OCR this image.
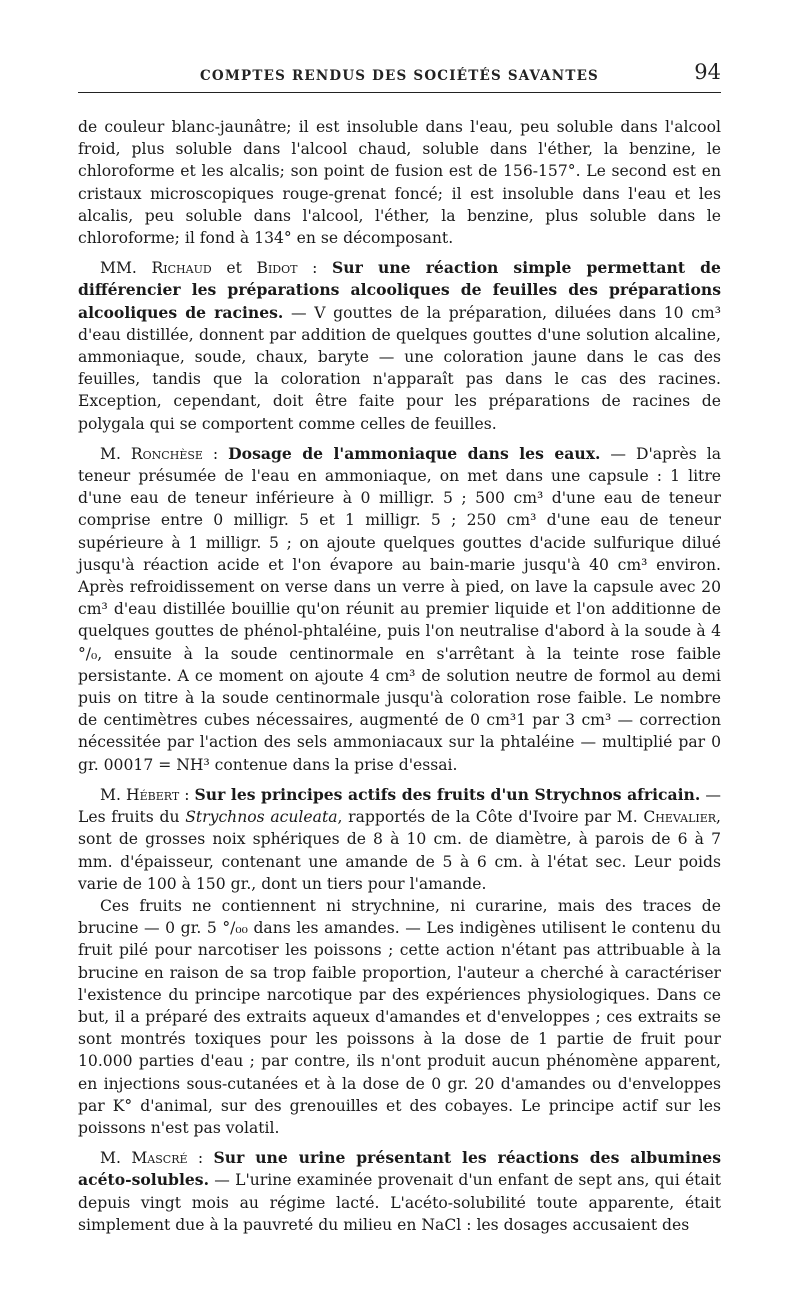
COMPTES RENDUS DES SOCIÉTÉS SAVANTES	94

de couleur blanc-jaunâtre; il est insoluble dans l'eau, peu soluble dans l'alcool froid, plus soluble dans l'alcool chaud, soluble dans l'éther, la benzine, le chloroforme et les alcalis; son point de fusion est de 156-157°. Le second est en cristaux microscopiques rouge-grenat foncé; il est insoluble dans l'eau et les alcalis, peu soluble dans l'alcool, l'éther, la benzine, plus soluble dans le chloroforme; il fond à 134° en se décomposant.

MM. Richaud et Bidot : Sur une réaction simple permettant de différencier les préparations alcooliques de feuilles des préparations alcooliques de racines. — V gouttes de la préparation, diluées dans 10 cm³ d'eau distillée, donnent par addition de quelques gouttes d'une solution alcaline, ammoniaque, soude, chaux, baryte — une coloration jaune dans le cas des feuilles, tandis que la coloration n'apparaît pas dans le cas des racines. Exception, cependant, doit être faite pour les préparations de racines de polygala qui se comportent comme celles de feuilles.

M. Ronchèse : Dosage de l'ammoniaque dans les eaux. — D'après la teneur présumée de l'eau en ammoniaque, on met dans une capsule : 1 litre d'une eau de teneur inférieure à 0 milligr. 5 ; 500 cm³ d'une eau de teneur comprise entre 0 milligr. 5 et 1 milligr. 5 ; 250 cm³ d'une eau de teneur supérieure à 1 milligr. 5 ; on ajoute quelques gouttes d'acide sulfurique dilué jusqu'à réaction acide et l'on évapore au bain-marie jusqu'à 40 cm³ environ. Après refroidissement on verse dans un verre à pied, on lave la capsule avec 20 cm³ d'eau distillée bouillie qu'on réunit au premier liquide et l'on additionne de quelques gouttes de phénol-phtaléine, puis l'on neutralise d'abord à la soude à 4 °/₀, ensuite à la soude centinormale en s'arrêtant à la teinte rose faible persistante. A ce moment on ajoute 4 cm³ de solution neutre de formol au demi puis on titre à la soude centinormale jusqu'à coloration rose faible. Le nombre de centimètres cubes nécessaires, augmenté de 0 cm³1 par 3 cm³ — correction nécessitée par l'action des sels ammoniacaux sur la phtaléine — multiplié par 0 gr. 00017 = NH³ contenue dans la prise d'essai.

M. Hébert : Sur les principes actifs des fruits d'un Strychnos africain. — Les fruits du Strychnos aculeata, rapportés de la Côte d'Ivoire par M. Chevalier, sont de grosses noix sphériques de 8 à 10 cm. de diamètre, à parois de 6 à 7 mm. d'épaisseur, contenant une amande de 5 à 6 cm. à l'état sec. Leur poids varie de 100 à 150 gr., dont un tiers pour l'amande.

Ces fruits ne contiennent ni strychnine, ni curarine, mais des traces de brucine — 0 gr. 5 °/₀₀ dans les amandes. — Les indigènes utilisent le contenu du fruit pilé pour narcotiser les poissons ; cette action n'étant pas attribuable à la brucine en raison de sa trop faible proportion, l'auteur a cherché à caractériser l'existence du principe narcotique par des expériences physiologiques. Dans ce but, il a préparé des extraits aqueux d'amandes et d'enveloppes ; ces extraits se sont montrés toxiques pour les poissons à la dose de 1 partie de fruit pour 10.000 parties d'eau ; par contre, ils n'ont produit aucun phénomène apparent, en injections sous-cutanées et à la dose de 0 gr. 20 d'amandes ou d'enveloppes par K° d'animal, sur des grenouilles et des cobayes. Le principe actif sur les poissons n'est pas volatil.

M. Mascré : Sur une urine présentant les réactions des albumines acéto-solubles. — L'urine examinée provenait d'un enfant de sept ans, qui était depuis vingt mois au régime lacté. L'acéto-solubilité toute apparente, était simplement due à la pauvreté du milieu en NaCl : les dosages accusaient des
